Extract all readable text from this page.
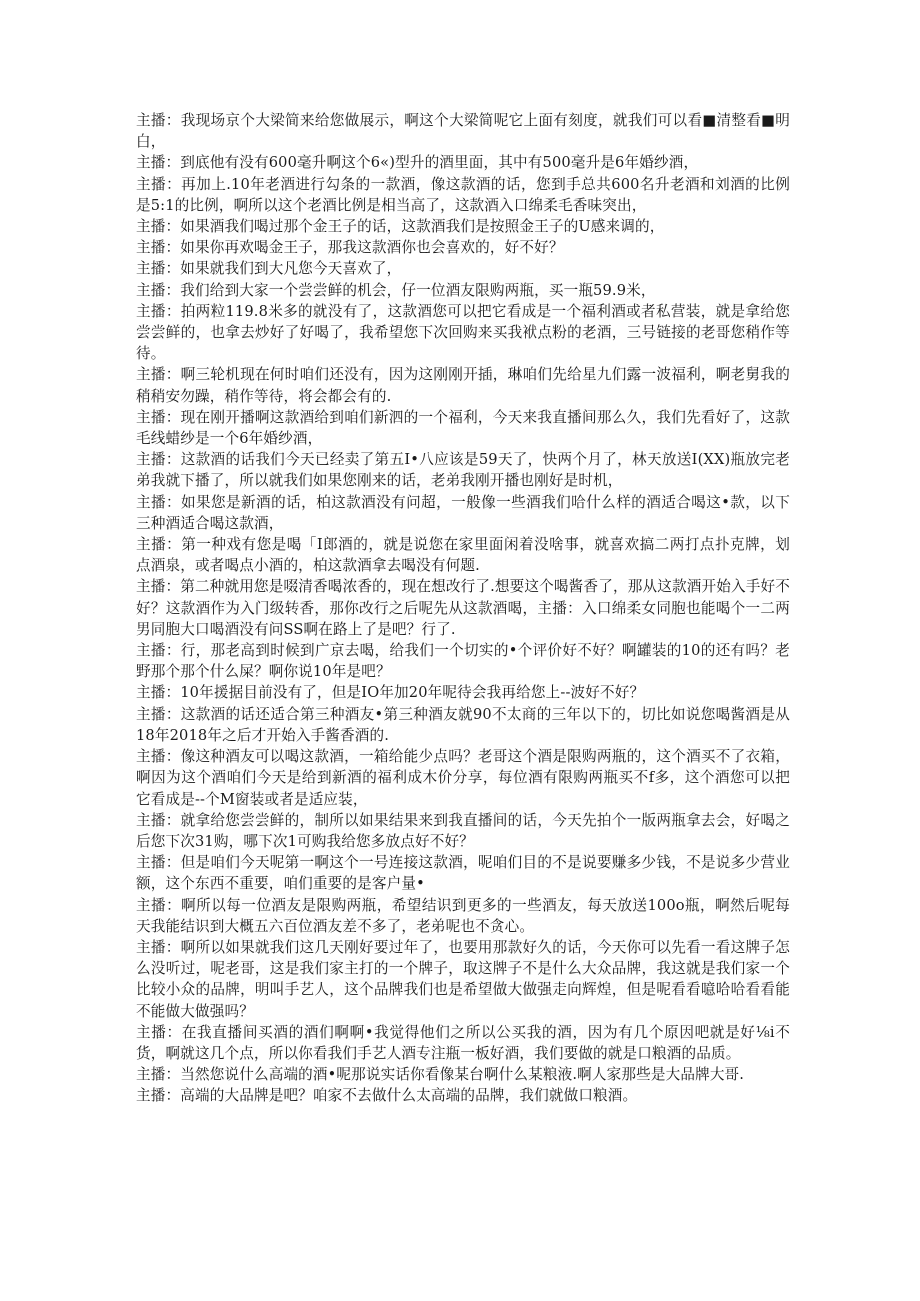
主播：我现场京个大梁简来给您做展示，啊这个大梁简呢它上面有刻度，就我们可以看■清整看■明白，

主播：到底他有没有600毫升啊这个6«)型升的酒里面，其中有500毫升是6年婚纱酒，

主播：再加上.10年老酒进行勾条的一款酒，像这款酒的话，您到手总共600名升老酒和刘酒的比例是5:1的比例，啊所以这个老酒比例是相当高了，这款酒入口绵柔毛香味突出，

主播：如果酒我们喝过那个金王子的话，这款酒我们是按照金王子的U感来调的，

主播：如果你再欢喝金王子，那我这款酒你也会喜欢的，好不好？

主播：如果就我们到大凡您今天喜欢了，

主播：我们给到大家一个尝尝鲜的机会，仔一位酒友限购两瓶，买一瓶59.9米，

主播：拍两粒119.8米多的就没有了，这款酒您可以把它看成是一个福利酒或者私营装，就是拿给您尝尝鲜的，也拿去炒好了好喝了，我希望您下次回购来买我袱点粉的老酒，三号链接的老哥您稍作等待。

主播：啊三轮机现在何时咱们还没有，因为这刚刚开插，琳咱们先给星九们露一波福利，啊老舅我的稍稍安勿躁，稍作等待，将会都会有的.

主播：现在刚开播啊这款酒给到咱们新泗的一个福利，今天来我直播间那么久，我们先看好了，这款毛线蜡纱是一个6年婚纱酒，

主播：这款酒的话我们今天已经卖了第五I•八应该是59天了，快两个月了，林天放送I(XX)瓶放完老弟我就下播了，所以就我们如果您刚来的话，老弟我刚开播也刚好是时机，

主播：如果您是新酒的话，柏这款酒没有问超，一般像一些酒我们哈什么样的酒适合喝这•款，以下三种酒适合喝这款酒，

主播：第一种戏有您是喝「I郎酒的，就是说您在家里面闲着没啥事，就喜欢搞二两打点扑克牌，划点酒泉，或者喝点小酒的，柏这款酒拿去喝没有何题.

主播：第二种就用您是啜清香喝浓香的，现在想改行了.想要这个喝酱香了，那从这款酒开始入手好不好？这款酒作为入门级转香，那你改行之后呢先从这款酒喝，主播：入口绵柔女同胞也能喝个一二两男同胞大口喝酒没有问SS啊在路上了是吧？行了.

主播：行，那老高到时候到广京去喝，给我们一个切实的•个评价好不好？啊罐装的10的还有吗？老野那个那个什么屎？啊你说10年是吧？

主播：10年援据目前没有了，但是IO年加20年呢待会我再给您上--波好不好？

主播：这款酒的话还适合第三种酒友•第三种酒友就90不太商的三年以下的，切比如说您喝酱酒是从18年2018年之后才开始入手酱香酒的.

主播：像这种酒友可以喝这款酒，一箱给能少点吗？老哥这个酒是限购两瓶的，这个酒买不了衣箱，啊因为这个酒咱们今天是给到新酒的福利成木价分享，每位酒有限购两瓶买不f多，这个酒您可以把它看成是--个M窗装或者是适应装，

主播：就拿给您尝尝鲜的，制所以如果结果来到我直播间的话，今天先拍个一版两瓶拿去会，好喝之后您下次31购，哪下次1可购我给您多放点好不好？

主播：但是咱们今天呢第一啊这个一号连接这款酒，呢咱们目的不是说要赚多少钱，不是说多少营业额，这个东西不重要，咱们重要的是客户量•

主播：啊所以每一位酒友是限购两瓶，希望结识到更多的一些酒友，每天放送100o瓶，啊然后呢每天我能结识到大概五六百位酒友差不多了，老弟呢也不贪心。

主播：啊所以如果就我们这几天刚好要过年了，也要用那款好久的话，今天你可以先看一看这牌子怎么没听过，呢老哥，这是我们家主打的一个牌子，取这牌子不是什么大众品牌，我这就是我们家一个比较小众的品牌，明叫手艺人，这个品牌我们也是希望做大做强走向辉煌，但是呢看看噫哈哈看看能不能做大做强吗？

主播：在我直播间买酒的酒们啊啊•我觉得他们之所以公买我的酒，因为有几个原因吧就是好⅛i不货，啊就这几个点，所以你看我们手艺人酒专注瓶一板好酒，我们要做的就是口粮酒的品质。

主播：当然您说什么高端的酒•呢那说实话你看像某台啊什么某粮液.啊人家那些是大品牌大哥.

主播：高端的大品牌是吧？咱家不去做什么太高端的品牌，我们就做口粮酒。
